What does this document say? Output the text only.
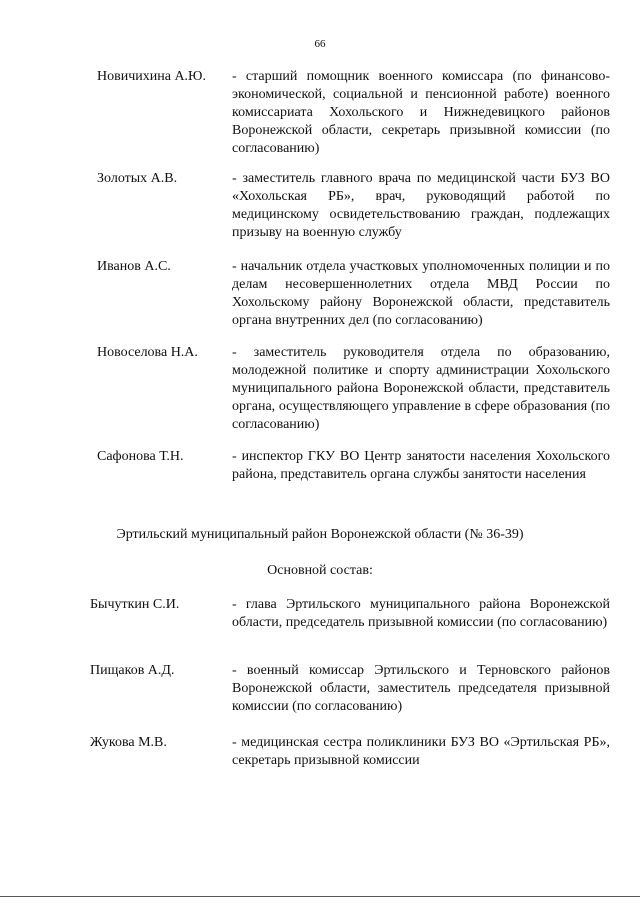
66
Новичихина А.Ю. - старший помощник военного комиссара (по финансово-экономической, социальной и пенсионной работе) военного комиссариата Хохольского и Нижнедевицкого районов Воронежской области, секретарь призывной комиссии (по согласованию)

Золотых А.В.	- заместитель главного врача по медицинской части БУЗ ВО «Хохольская РБ», врач, руководящий работой по медицинскому освидетельствованию граждан, подлежащих призыву на военную службу

Иванов А.С.	- начальник отдела участковых уполномоченных полиции и по делам несовершеннолетних отдела МВД России по Хохольскому району Воронежской области, представитель органа внутренних дел (по согласованию)

Новоселова Н.А. - заместитель руководителя отдела по образованию, молодежной политике и спорту администрации Хохольского муниципального района Воронежской области, представитель органа, осуществляющего управление в сфере образования (по согласованию)

Сафонова Т.Н.	- инспектор ГКУ ВО Центр занятости населения Хохольского района, представитель органа службы занятости населения

Эртильский муниципальный район Воронежской области (№ 36-39)
Основной состав:
Бычуткин С.И.	- глава Эртильского муниципального района Воронежской области, председатель призывной комиссии (по согласованию)

Пищаков А.Д.	- военный комиссар Эртильского и Терновского районов Воронежской области, заместитель председателя призывной комиссии (по согласованию)

Жукова М.В.	- медицинская сестра поликлиники БУЗ ВО «Эртильская РБ», секретарь призывной комиссии
